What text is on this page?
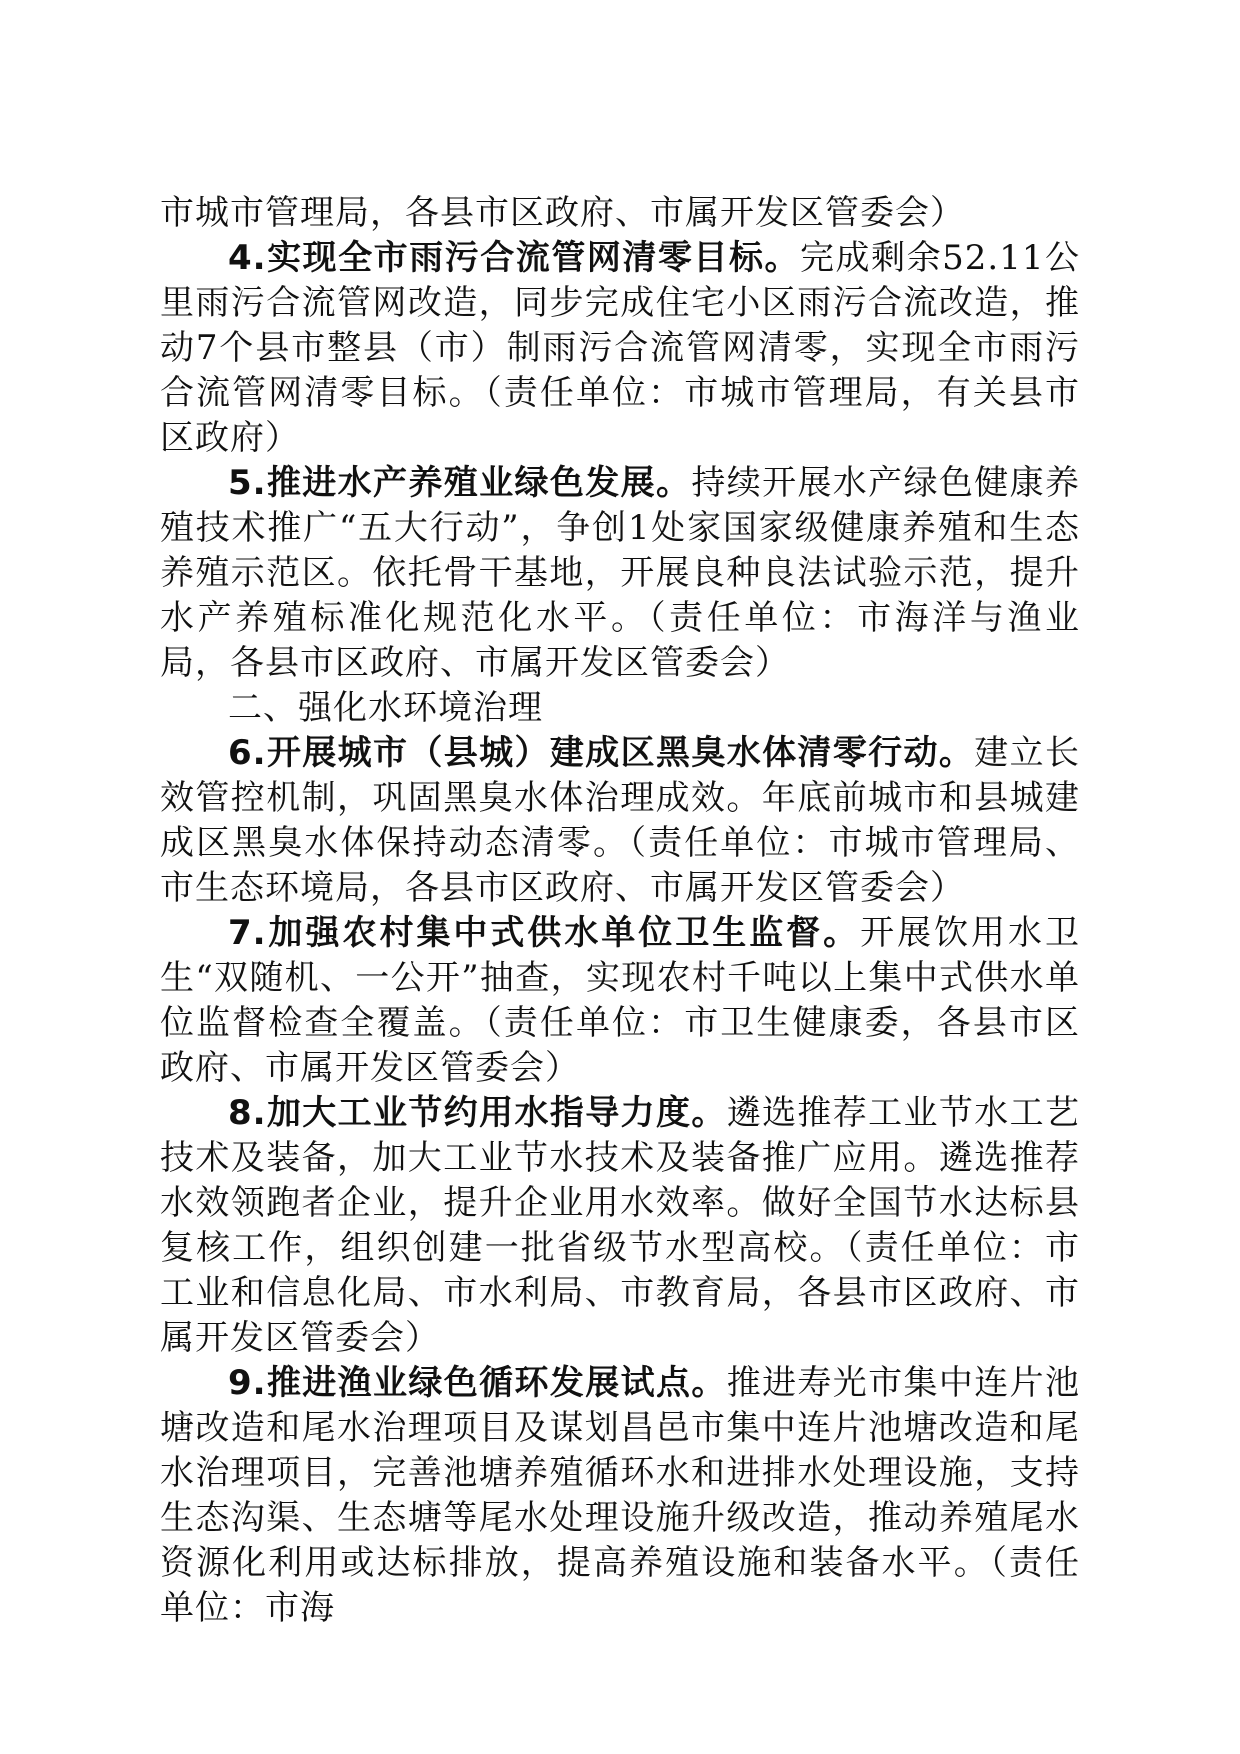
市城市管理局，各县市区政府、市属开发区管委会）

4.实现全市雨污合流管网清零目标。完成剩余52.11公里雨污合流管网改造，同步完成住宅小区雨污合流改造，推动7个县市整县（市）制雨污合流管网清零，实现全市雨污合流管网清零目标。（责任单位：市城市管理局，有关县市区政府）

5.推进水产养殖业绿色发展。持续开展水产绿色健康养殖技术推广“五大行动”，争创1处家国家级健康养殖和生态养殖示范区。依托骨干基地，开展良种良法试验示范，提升水产养殖标准化规范化水平。（责任单位：市海洋与渔业局，各县市区政府、市属开发区管委会）

二、强化水环境治理

6.开展城市（县城）建成区黑臭水体清零行动。建立长效管控机制，巩固黑臭水体治理成效。年底前城市和县城建成区黑臭水体保持动态清零。（责任单位：市城市管理局、市生态环境局，各县市区政府、市属开发区管委会）

7.加强农村集中式供水单位卫生监督。开展饮用水卫生“双随机、一公开”抽查，实现农村千吨以上集中式供水单位监督检查全覆盖。（责任单位：市卫生健康委，各县市区政府、市属开发区管委会）

8.加大工业节约用水指导力度。遴选推荐工业节水工艺技术及装备，加大工业节水技术及装备推广应用。遴选推荐水效领跑者企业，提升企业用水效率。做好全国节水达标县复核工作，组织创建一批省级节水型高校。（责任单位：市工业和信息化局、市水利局、市教育局，各县市区政府、市属开发区管委会）

9.推进渔业绿色循环发展试点。推进寿光市集中连片池塘改造和尾水治理项目及谋划昌邑市集中连片池塘改造和尾水治理项目，完善池塘养殖循环水和进排水处理设施，支持生态沟渠、生态塘等尾水处理设施升级改造，推动养殖尾水资源化利用或达标排放，提高养殖设施和装备水平。（责任单位：市海
